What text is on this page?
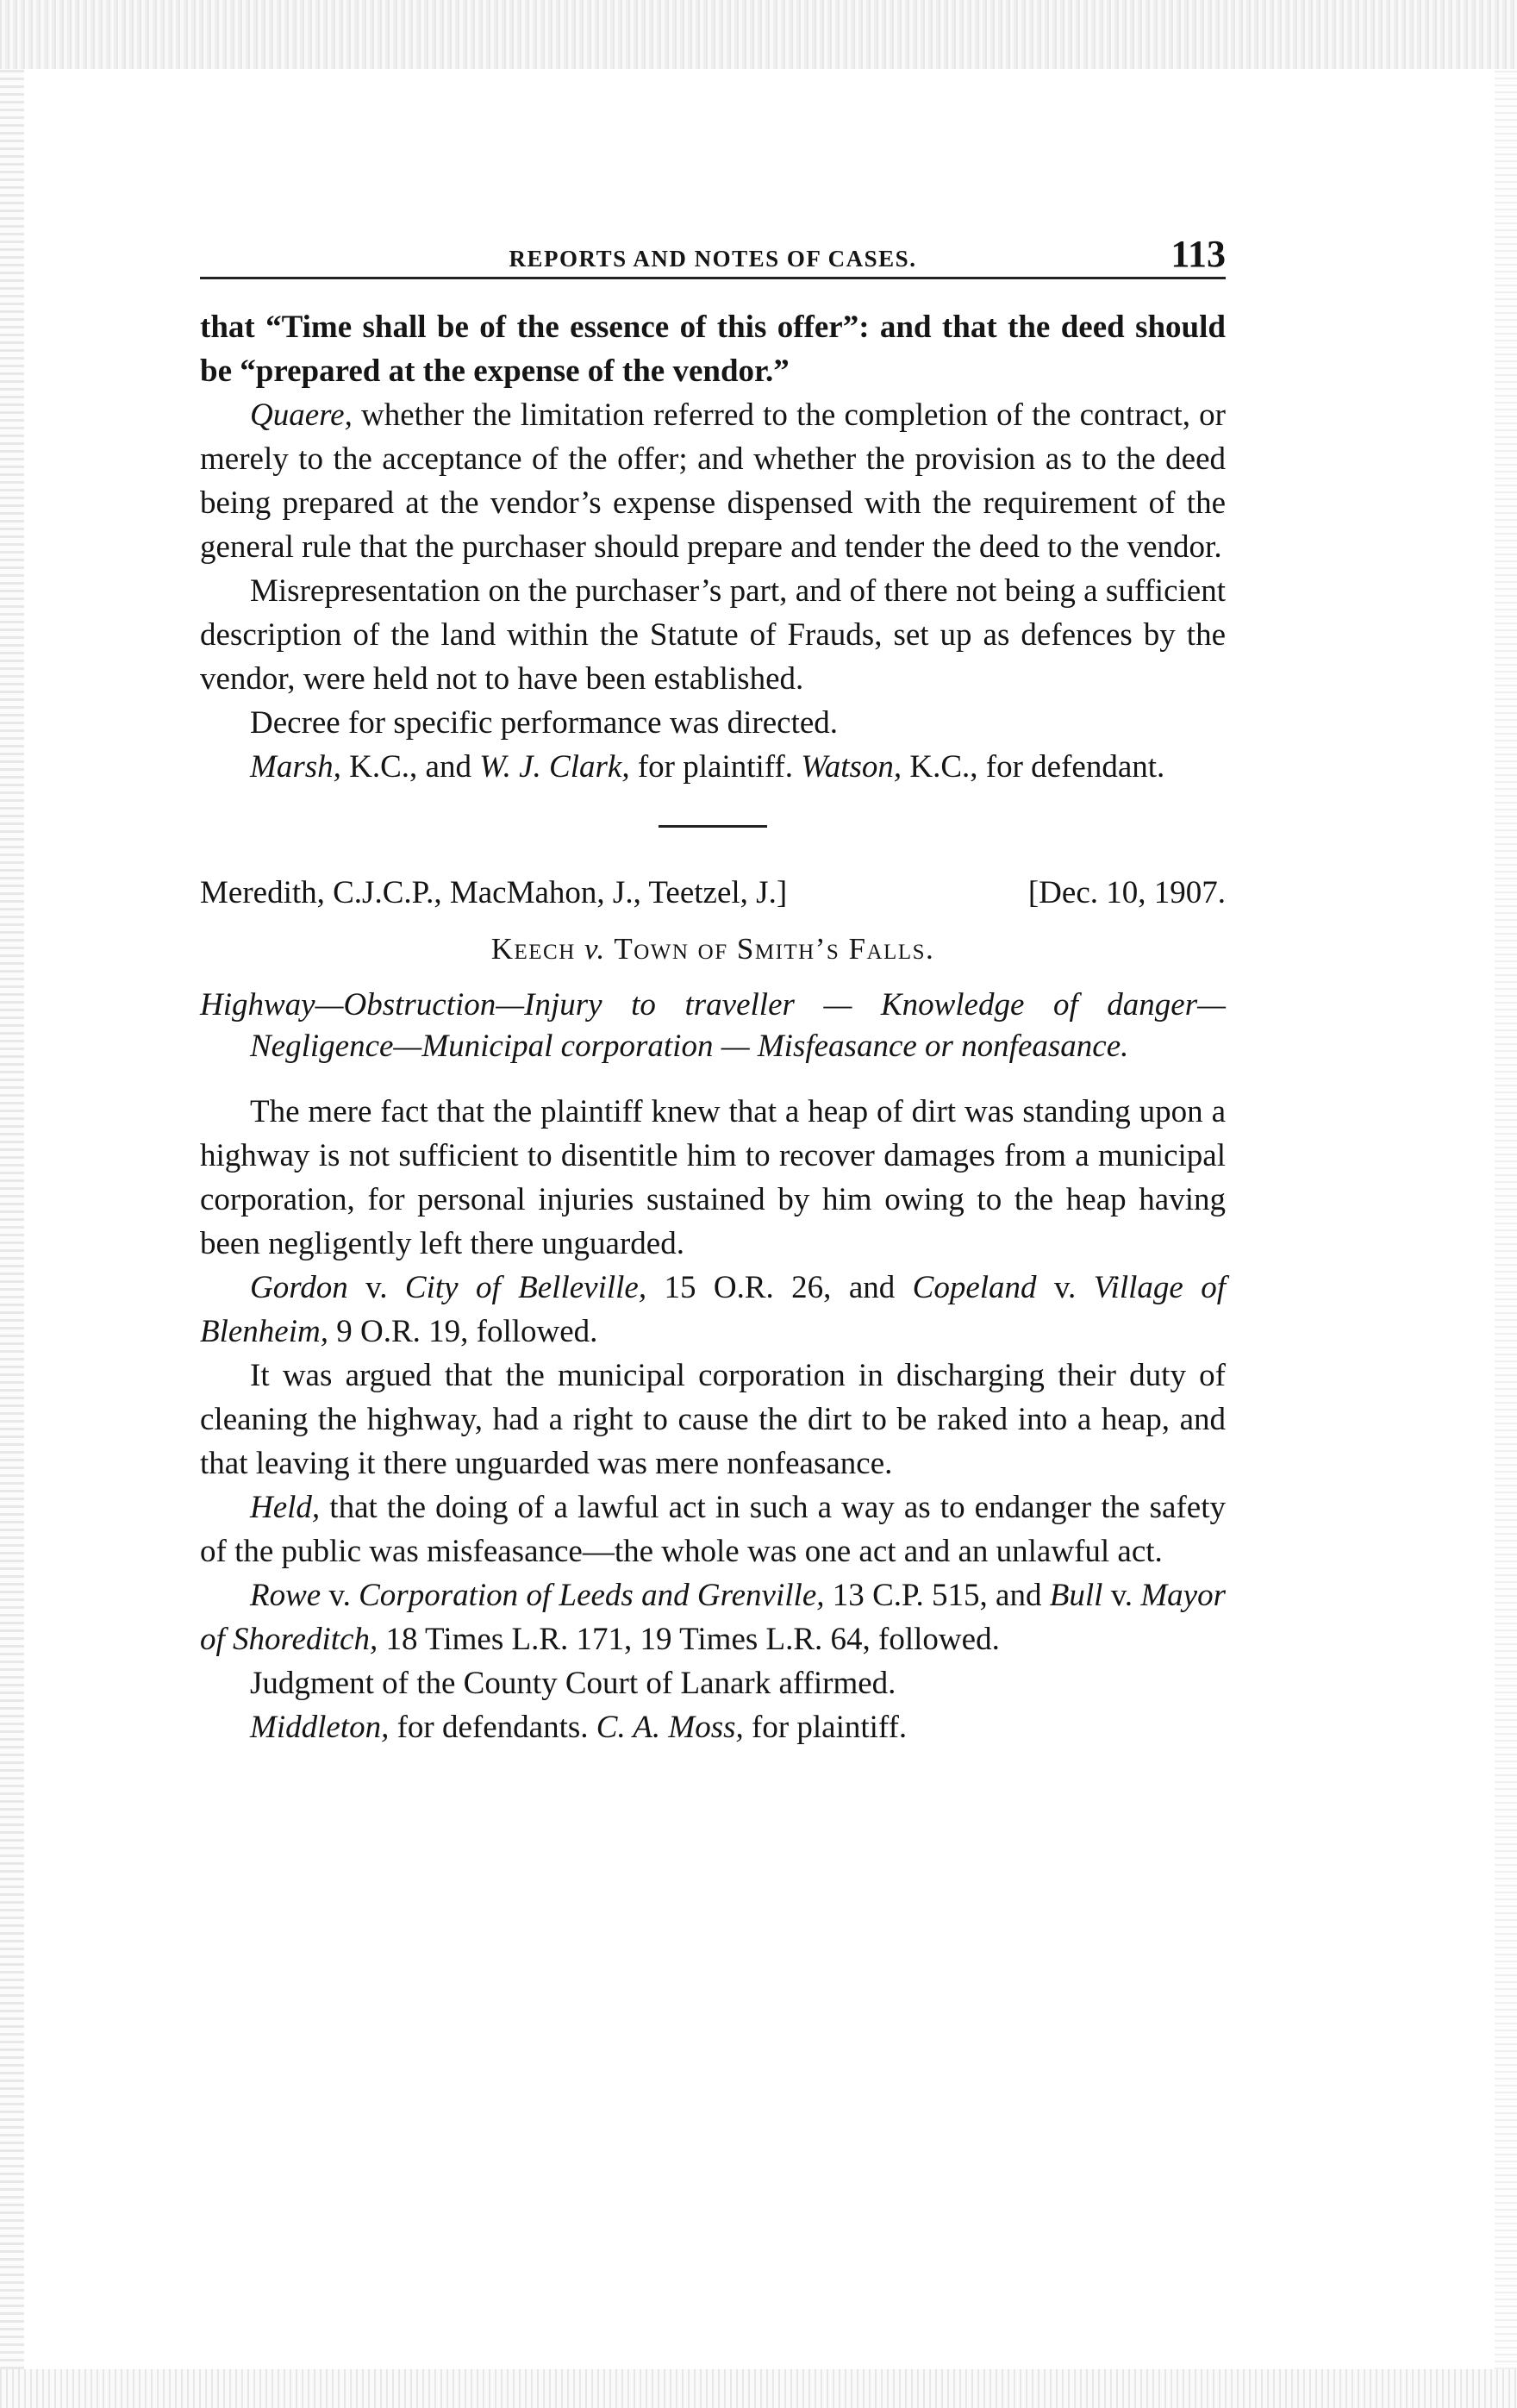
REPORTS AND NOTES OF CASES.	113

that “Time shall be of the essence of this offer”: and that the deed should be “prepared at the expense of the vendor.”

Quaere, whether the limitation referred to the completion of the contract, or merely to the acceptance of the offer; and whether the provision as to the deed being prepared at the vendor’s expense dispensed with the requirement of the general rule that the purchaser should prepare and tender the deed to the vendor.

Misrepresentation on the purchaser’s part, and of there not being a sufficient description of the land within the Statute of Frauds, set up as defences by the vendor, were held not to have been established.

Decree for specific performance was directed.

Marsh, K.C., and W. J. Clark, for plaintiff. Watson, K.C., for defendant.

Meredith, C.J.C.P., MacMahon, J., Teetzel, J.]	[Dec. 10, 1907.
Keech v. Town of Smith’s Falls.

Highway—Obstruction—Injury to traveller — Knowledge of danger—Negligence—Municipal corporation — Misfeasance or nonfeasance.

The mere fact that the plaintiff knew that a heap of dirt was standing upon a highway is not sufficient to disentitle him to recover damages from a municipal corporation, for personal injuries sustained by him owing to the heap having been negligently left there unguarded.

Gordon v. City of Belleville, 15 O.R. 26, and Copeland v. Village of Blenheim, 9 O.R. 19, followed.

It was argued that the municipal corporation in discharging their duty of cleaning the highway, had a right to cause the dirt to be raked into a heap, and that leaving it there unguarded was mere nonfeasance.

Held, that the doing of a lawful act in such a way as to endanger the safety of the public was misfeasance—the whole was one act and an unlawful act.

Rowe v. Corporation of Leeds and Grenville, 13 C.P. 515, and Bull v. Mayor of Shoreditch, 18 Times L.R. 171, 19 Times L.R. 64, followed.

Judgment of the County Court of Lanark affirmed.

Middleton, for defendants. C. A. Moss, for plaintiff.
